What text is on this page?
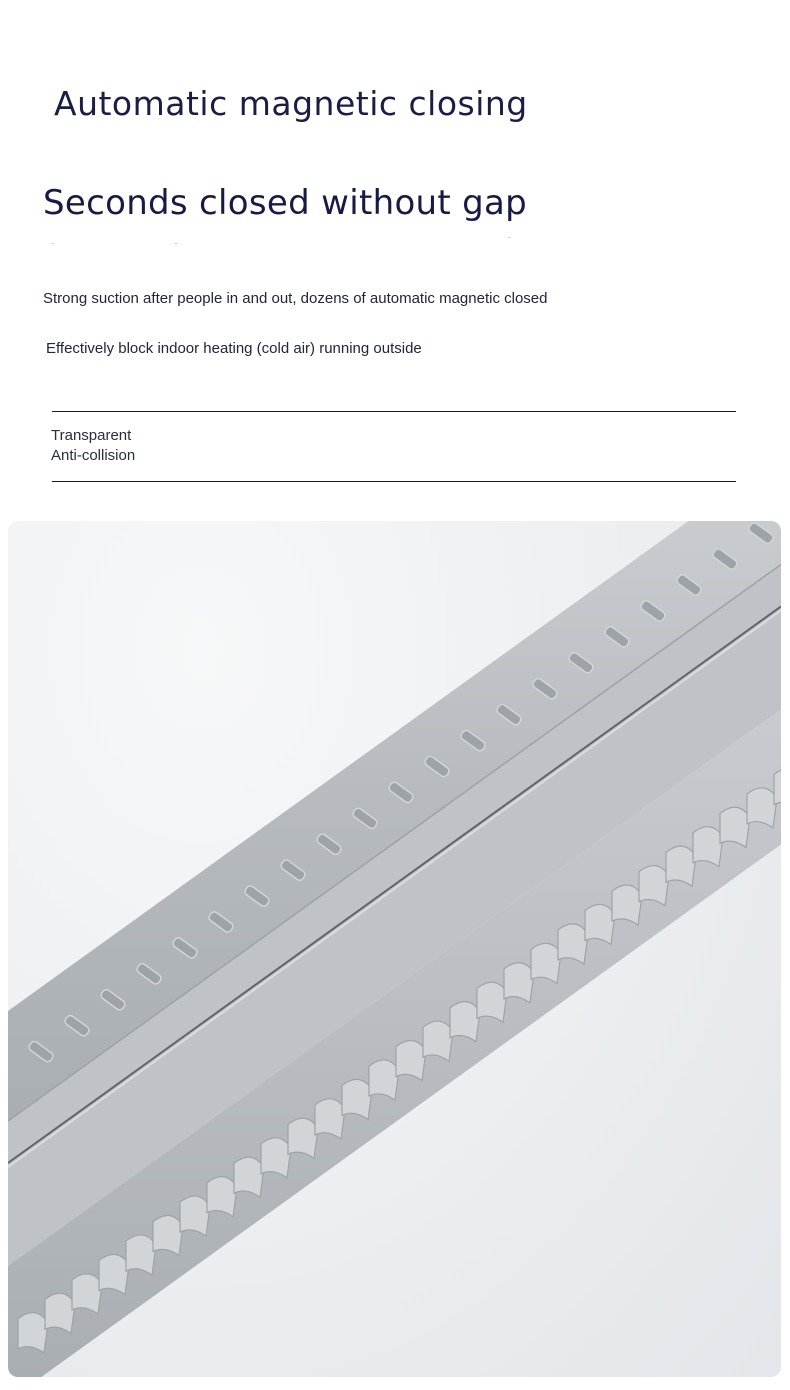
Automatic magnetic closing
Seconds closed without gap
Strong suction after people in and out, dozens of automatic magnetic closed
Effectively block indoor heating (cold air) running outside
Transparent
Anti-collision
